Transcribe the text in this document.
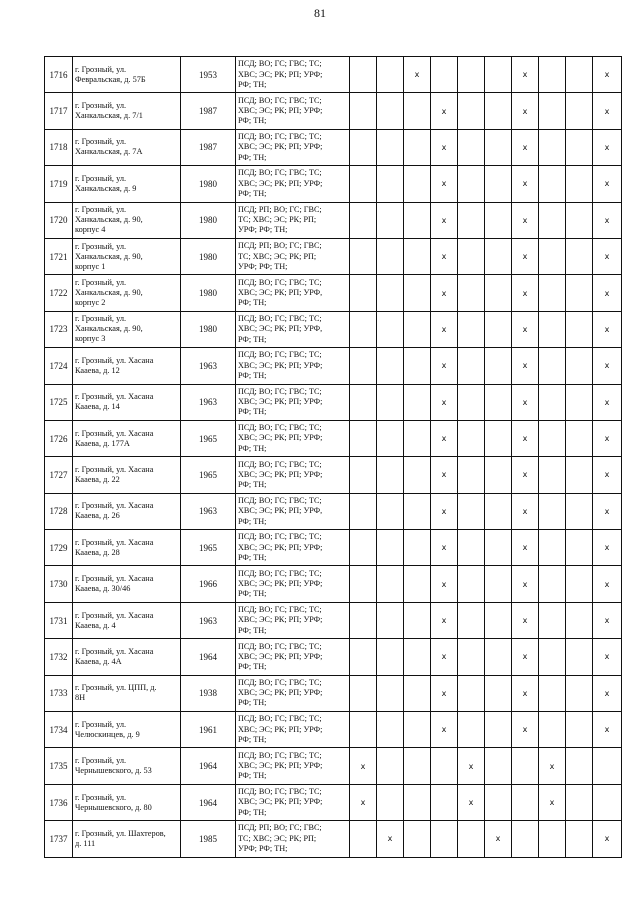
81
1716	г. Грозный, ул.
Февральская, д. 57Б	1953	ПСД; ВО; ГС; ГВС; ТС;
ХВС; ЭС; РК; РП; УРФ;
РФ; ТН;			x				x			x
1717	г. Грозный, ул.
Ханкальская, д. 7/1	1987	ПСД; ВО; ГС; ГВС; ТС;
ХВС; ЭС; РК; РП; УРФ;
РФ; ТН;				x			x			x
1718	г. Грозный, ул.
Ханкальская, д. 7А	1987	ПСД; ВО; ГС; ГВС; ТС;
ХВС; ЭС; РК; РП; УРФ;
РФ; ТН;				x			x			x
1719	г. Грозный, ул.
Ханкальская, д. 9	1980	ПСД; ВО; ГС; ГВС; ТС;
ХВС; ЭС; РК; РП; УРФ;
РФ; ТН;				x			x			x
1720	г. Грозный, ул.
Ханкальская, д. 90,
корпус 4	1980	ПСД; РП; ВО; ГС; ГВС;
ТС; ХВС; ЭС; РК; РП;
УРФ; РФ; ТН;				x			x			x
1721	г. Грозный, ул.
Ханкальская, д. 90,
корпус 1	1980	ПСД; РП; ВО; ГС; ГВС;
ТС; ХВС; ЭС; РК; РП;
УРФ; РФ; ТН;				x			x			x
1722	г. Грозный, ул.
Ханкальская, д. 90,
корпус 2	1980	ПСД; ВО; ГС; ГВС; ТС;
ХВС; ЭС; РК; РП; УРФ,
РФ; ТН;				x			x			x
1723	г. Грозный, ул.
Ханкальская, д. 90,
корпус 3	1980	ПСД; ВО; ГС; ГВС; ТС;
ХВС; ЭС; РК; РП; УРФ,
РФ; ТН;				x			x			x
1724	г. Грозный, ул. Хасана
Каaева, д. 12	1963	ПСД; ВО; ГС; ГВС; ТС;
ХВС; ЭС; РК; РП; УРФ;
РФ; ТН;				x			x			x
1725	г. Грозный, ул. Хасана
Каaева, д. 14	1963	ПСД; ВО; ГС; ГВС; ТС;
ХВС; ЭС; РК; РП; УРФ;
РФ; ТН;				x			x			x
1726	г. Грозный, ул. Хасана
Каaева, д. 177А	1965	ПСД; ВО; ГС; ГВС; ТС;
ХВС; ЭС; РК; РП; УРФ;
РФ; ТН;				x			x			x
1727	г. Грозный, ул. Хасана
Каaева, д. 22	1965	ПСД; ВО; ГС; ГВС; ТС;
ХВС; ЭС; РК; РП; УРФ;
РФ; ТН;				x			x			x
1728	г. Грозный, ул. Хасана
Каaева, д. 26	1963	ПСД; ВО; ГС; ГВС; ТС;
ХВС; ЭС; РК; РП; УРФ,
РФ; ТН;				x			x			x
1729	г. Грозный, ул. Хасана
Каaева, д. 28	1965	ПСД; ВО; ГС; ГВС; ТС;
ХВС; ЭС; РК; РП; УРФ;
РФ; ТН;				x			x			x
1730	г. Грозный, ул. Хасана
Каaева, д. 30/46	1966	ПСД; ВО; ГС; ГВС; ТС;
ХВС; ЭС; РК; РП; УРФ;
РФ; ТН;				x			x			x
1731	г. Грозный, ул. Хасана
Каaева, д. 4	1963	ПСД; ВО; ГС; ГВС; ТС;
ХВС; ЭС; РК; РП; УРФ;
РФ; ТН;				x			x			x
1732	г. Грозный, ул. Хасана
Каaева, д. 4А	1964	ПСД; ВО; ГС; ГВС; ТС;
ХВС; ЭС; РК; РП; УРФ;
РФ; ТН;				x			x			x
1733	г. Грозный, ул. ЦПП, д.
8Н	1938	ПСД; ВО; ГС; ГВС; ТС;
ХВС; ЭС; РК; РП; УРФ;
РФ; ТН;				x			x			x
1734	г. Грозный, ул.
Челюскинцев, д. 9	1961	ПСД; ВО; ГС; ГВС; ТС;
ХВС; ЭС; РК; РП; УРФ;
РФ; ТН;				x			x			x
1735	г. Грозный, ул.
Чернышевского, д. 53	1964	ПСД; ВО; ГС; ГВС; ТС;
ХВС; ЭС; РК; РП; УРФ;
РФ; ТН;	x				x			x		
1736	г. Грозный, ул.
Чернышевского, д. 80	1964	ПСД; ВО; ГС; ГВС; ТС;
ХВС; ЭС; РК; РП; УРФ;
РФ; ТН;	x				x			x		
1737	г. Грозный, ул. Шахтеров,
д. 111	1985	ПСД; РП; ВО; ГС; ГВС;
ТС; ХВС; ЭС; РК; РП;
УРФ; РФ; ТН;		x				x				x
